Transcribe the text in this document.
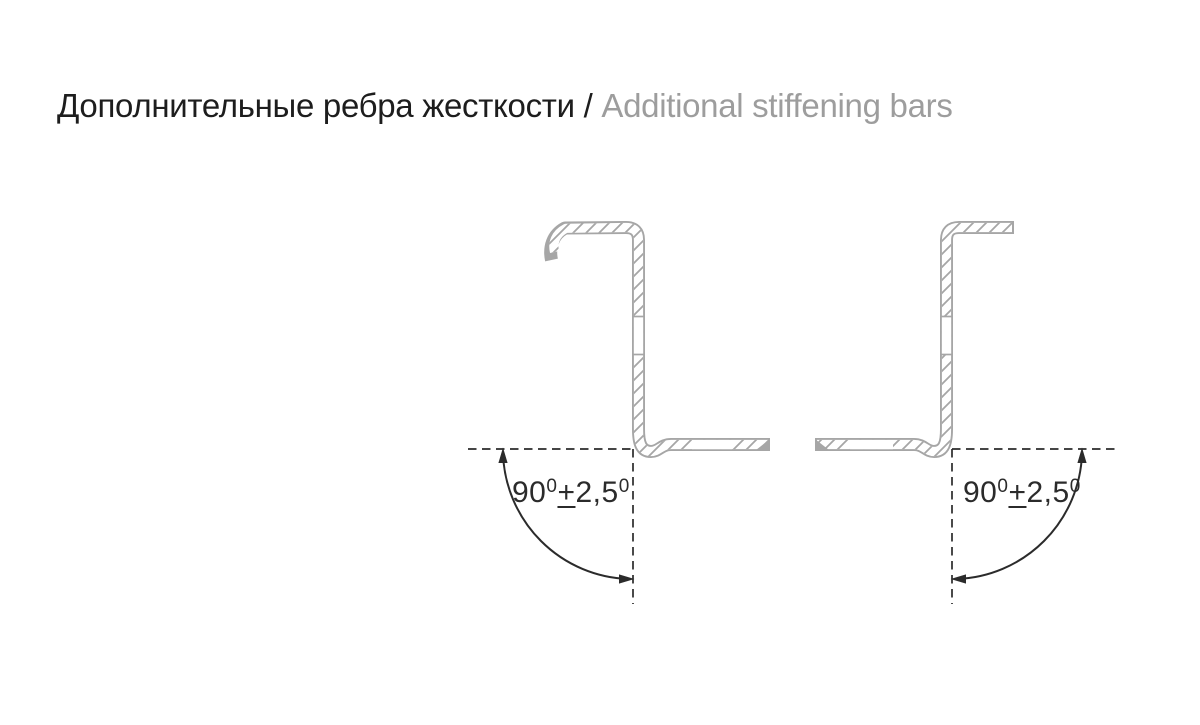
Дополнительные ребра жесткости / Additional stiffening bars
$90^0+2,5^0$	$90^0+2,5^0$
